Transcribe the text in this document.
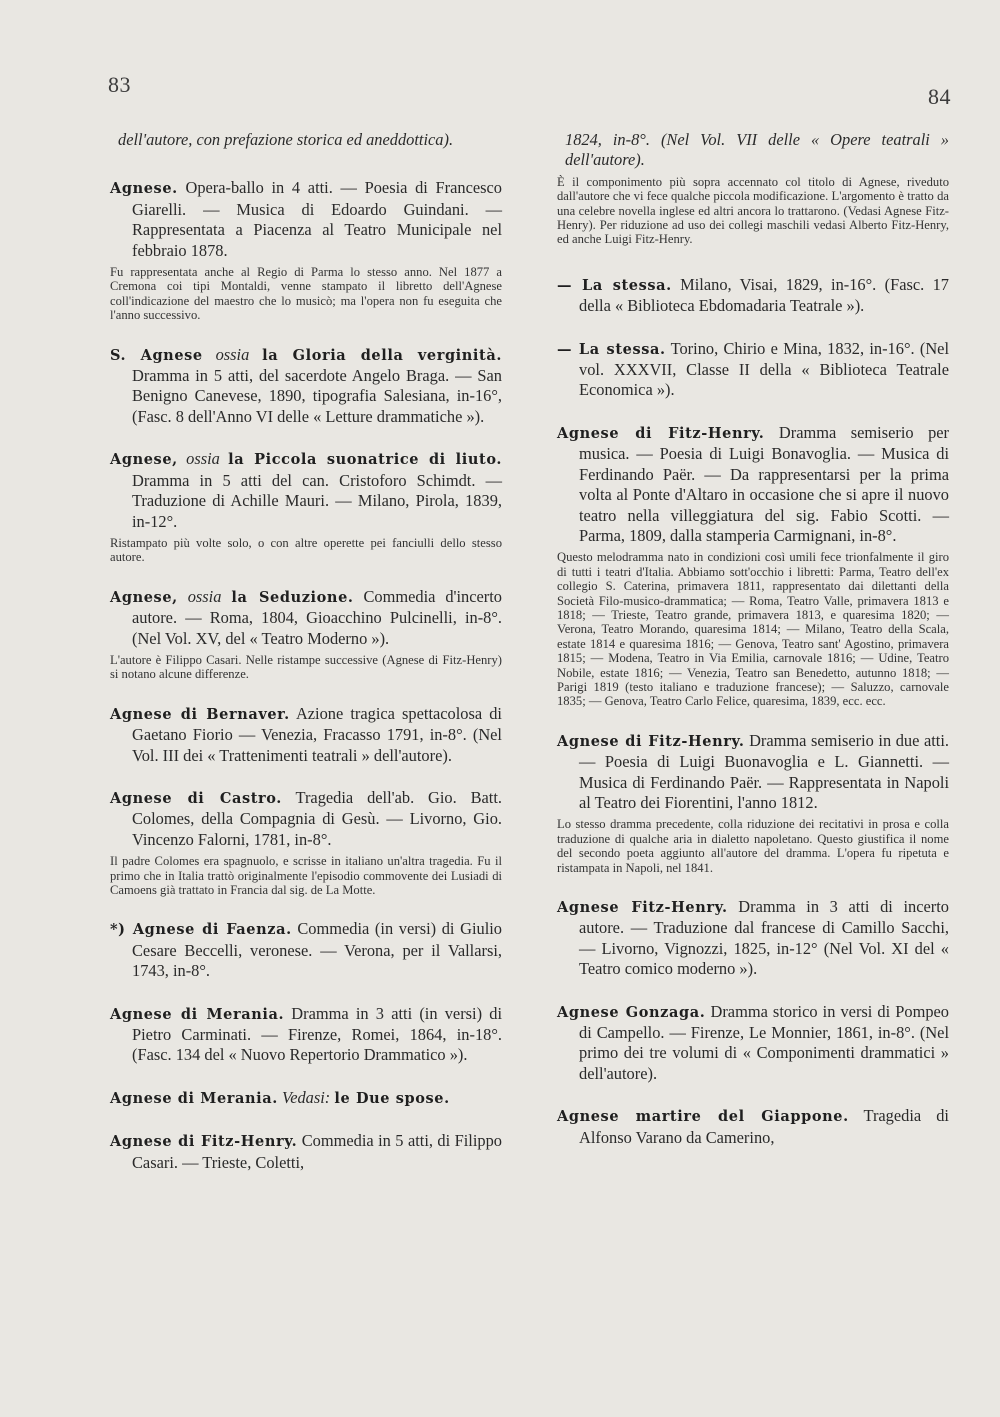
83	84
dell'autore, con prefazione storica ed aneddottica).
Agnese. Opera-ballo in 4 atti. — Poesia di Francesco Giarelli. — Musica di Edoardo Guindani. — Rappresentata a Piacenza al Teatro Municipale nel febbraio 1878.
Fu rappresentata anche al Regio di Parma lo stesso anno. Nel 1877 a Cremona coi tipi Montaldi, venne stampato il libretto dell'Agnese coll'indicazione del maestro che lo musicò; ma l'opera non fu eseguita che l'anno successivo.
S. Agnese ossia la Gloria della verginità. Dramma in 5 atti, del sacerdote Angelo Braga. — San Benigno Canevese, 1890, tipografia Salesiana, in-16°, (Fasc. 8 dell'Anno VI delle « Letture drammatiche »).
Agnese, ossia la Piccola suonatrice di liuto. Dramma in 5 atti del can. Cristoforo Schimdt. — Traduzione di Achille Mauri. — Milano, Pirola, 1839, in-12°.
Ristampato più volte solo, o con altre operette pei fanciulli dello stesso autore.
Agnese, ossia la Seduzione. Commedia d'incerto autore. — Roma, 1804, Gioacchino Pulcinelli, in-8°. (Nel Vol. XV, del « Teatro Moderno »).
L'autore è Filippo Casari. Nelle ristampe successive (Agnese di Fitz-Henry) si notano alcune differenze.
Agnese di Bernaver. Azione tragica spettacolosa di Gaetano Fiorio — Venezia, Fracasso 1791, in-8°. (Nel Vol. III dei « Trattenimenti teatrali » dell'autore).
Agnese di Castro. Tragedia dell'ab. Gio. Batt. Colomes, della Compagnia di Gesù. — Livorno, Gio. Vincenzo Falorni, 1781, in-8°.
Il padre Colomes era spagnuolo, e scrisse in italiano un'altra tragedia. Fu il primo che in Italia trattò originalmente l'episodio commovente dei Lusiadi di Camoens già trattato in Francia dal sig. de La Motte.
*) Agnese di Faenza. Commedia (in versi) di Giulio Cesare Beccelli, veronese. — Verona, per il Vallarsi, 1743, in-8°.
Agnese di Merania. Dramma in 3 atti (in versi) di Pietro Carminati. — Firenze, Romei, 1864, in-18°. (Fasc. 134 del « Nuovo Repertorio Drammatico »).
Agnese di Merania. Vedasi: le Due spose.
Agnese di Fitz-Henry. Commedia in 5 atti, di Filippo Casari. — Trieste, Coletti,
1824, in-8°. (Nel Vol. VII delle « Opere teatrali » dell'autore).
È il componimento più sopra accennato col titolo di Agnese, riveduto dall'autore che vi fece qualche piccola modificazione. L'argomento è tratto da una celebre novella inglese ed altri ancora lo trattarono. (Vedasi Agnese Fitz-Henry). Per riduzione ad uso dei collegi maschili vedasi Alberto Fitz-Henry, ed anche Luigi Fitz-Henry.
— La stessa. Milano, Visai, 1829, in-16°. (Fasc. 17 della « Biblioteca Ebdomadaria Teatrale »).
— La stessa. Torino, Chirio e Mina, 1832, in-16°. (Nel vol. XXXVII, Classe II della « Biblioteca Teatrale Economica »).
Agnese di Fitz-Henry. Dramma semiserio per musica. — Poesia di Luigi Bonavoglia. — Musica di Ferdinando Paër. — Da rappresentarsi per la prima volta al Ponte d'Altaro in occasione che si apre il nuovo teatro nella villeggiatura del sig. Fabio Scotti. — Parma, 1809, dalla stamperia Carmignani, in-8°.
Questo melodramma nato in condizioni così umili fece trionfalmente il giro di tutti i teatri d'Italia. Abbiamo sott'occhio i libretti: Parma, Teatro dell'ex collegio S. Caterina, primavera 1811, rappresentato dai dilettanti della Società Filo-musico-drammatica; — Roma, Teatro Valle, primavera 1813 e 1818; — Trieste, Teatro grande, primavera 1813, e quaresima 1820; — Verona, Teatro Morando, quaresima 1814; — Milano, Teatro della Scala, estate 1814 e quaresima 1816; — Genova, Teatro sant' Agostino, primavera 1815; — Modena, Teatro in Via Emilia, carnovale 1816; — Udine, Teatro Nobile, estate 1816; — Venezia, Teatro san Benedetto, autunno 1818; — Parigi 1819 (testo italiano e traduzione francese); — Saluzzo, carnovale 1835; — Genova, Teatro Carlo Felice, quaresima, 1839, ecc. ecc.
Agnese di Fitz-Henry. Dramma semiserio in due atti. — Poesia di Luigi Buonavoglia e L. Giannetti. — Musica di Ferdinando Paër. — Rappresentata in Napoli al Teatro dei Fiorentini, l'anno 1812.
Lo stesso dramma precedente, colla riduzione dei recitativi in prosa e colla traduzione di qualche aria in dialetto napoletano. Questo giustifica il nome del secondo poeta aggiunto all'autore del dramma. L'opera fu ripetuta e ristampata in Napoli, nel 1841.
Agnese Fitz-Henry. Dramma in 3 atti di incerto autore. — Traduzione dal francese di Camillo Sacchi, — Livorno, Vignozzi, 1825, in-12° (Nel Vol. XI del « Teatro comico moderno »).
Agnese Gonzaga. Dramma storico in versi di Pompeo di Campello. — Firenze, Le Monnier, 1861, in-8°. (Nel primo dei tre volumi di « Componimenti drammatici » dell'autore).
Agnese martire del Giappone. Tragedia di Alfonso Varano da Camerino,
